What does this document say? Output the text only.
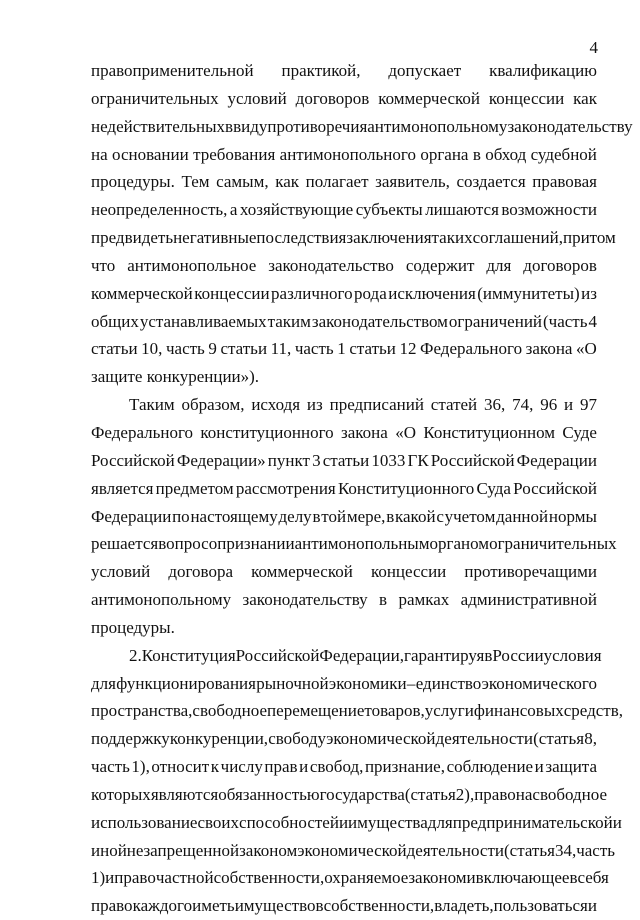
4
правоприменительной практикой, допускает квалификацию
ограничительных условий договоров коммерческой концессии как
недействительных ввиду противоречия антимонопольному законодательству
на основании требования антимонопольного органа в обход судебной
процедуры. Тем самым, как полагает заявитель, создается правовая
неопределенность, а хозяйствующие субъекты лишаются возможности
предвидеть негативные последствия заключения таких соглашений, притом
что антимонопольное законодательство содержит для договоров
коммерческой концессии различного рода исключения (иммунитеты) из
общих устанавливаемых таким законодательством ограничений (часть 4
статьи 10, часть 9 статьи 11, часть 1 статьи 12 Федерального закона «О
защите
конкуренции»).
Таким образом, исходя из предписаний статей 36, 74, 96 и 97
Федерального конституционного закона «О Конституционном Суде
Российской Федерации» пункт 3 статьи 1033 ГК Российской Федерации
является предметом рассмотрения Конституционного Суда Российской
Федерации по настоящему делу в той мере, в какой с учетом данной нормы
решается вопрос о признании антимонопольным органом ограничительных
условий договора коммерческой концессии противоречащими
антимонопольному законодательству в рамках административной
процедуры.
2. Конституция Российской Федерации, гарантируя в России условия
для функционирования рыночной экономики – единство экономического
пространства, свободное перемещение товаров, услуг и финансовых средств,
поддержку конкуренции, свободу экономической деятельности (статья 8,
часть 1), относит к числу прав и свобод, признание, соблюдение и защита
которых являются обязанностью государства (статья 2), право на свободное
использование своих способностей и имущества для предпринимательской и
иной не запрещенной законом экономической деятельности (статья 34, часть
1) и право частной собственности, охраняемое законом и включающее в себя
право каждого иметь имущество в собственности, владеть, пользоваться и
